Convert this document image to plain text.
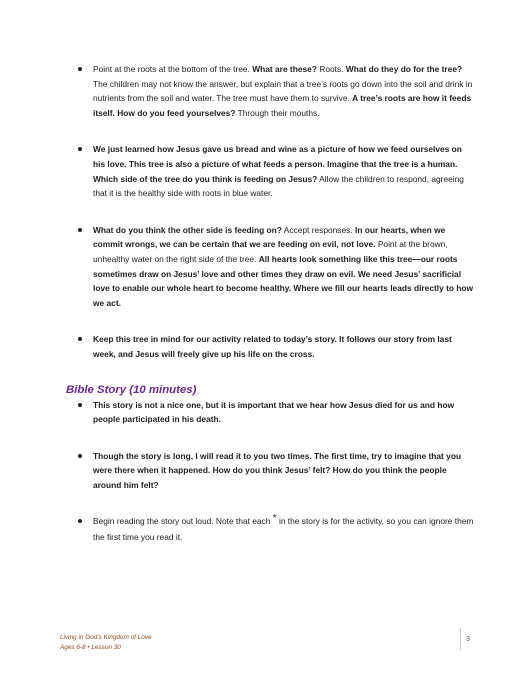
Point at the roots at the bottom of the tree. What are these? Roots. What do they do for the tree? The children may not know the answer, but explain that a tree’s roots go down into the soil and drink in nutrients from the soil and water. The tree must have them to survive. A tree’s roots are how it feeds itself. How do you feed yourselves? Through their mouths.
We just learned how Jesus gave us bread and wine as a picture of how we feed ourselves on his love. This tree is also a picture of what feeds a person. Imagine that the tree is a human. Which side of the tree do you think is feeding on Jesus? Allow the children to respond, agreeing that it is the healthy side with roots in blue water.
What do you think the other side is feeding on? Accept responses. In our hearts, when we commit wrongs, we can be certain that we are feeding on evil, not love. Point at the brown, unhealthy water on the right side of the tree. All hearts look something like this tree—our roots sometimes draw on Jesus’ love and other times they draw on evil. We need Jesus’ sacrificial love to enable our whole heart to become healthy. Where we fill our hearts leads directly to how we act.
Keep this tree in mind for our activity related to today’s story. It follows our story from last week, and Jesus will freely give up his life on the cross.
Bible Story (10 minutes)
This story is not a nice one, but it is important that we hear how Jesus died for us and how people participated in his death.
Though the story is long, I will read it to you two times. The first time, try to imagine that you were there when it happened. How do you think Jesus’ felt? How do you think the people around him felt?
Begin reading the story out loud. Note that each * in the story is for the activity, so you can ignore them the first time you read it.
Living in God’s Kingdom of Love
Ages 6-8 • Lesson 30
3
